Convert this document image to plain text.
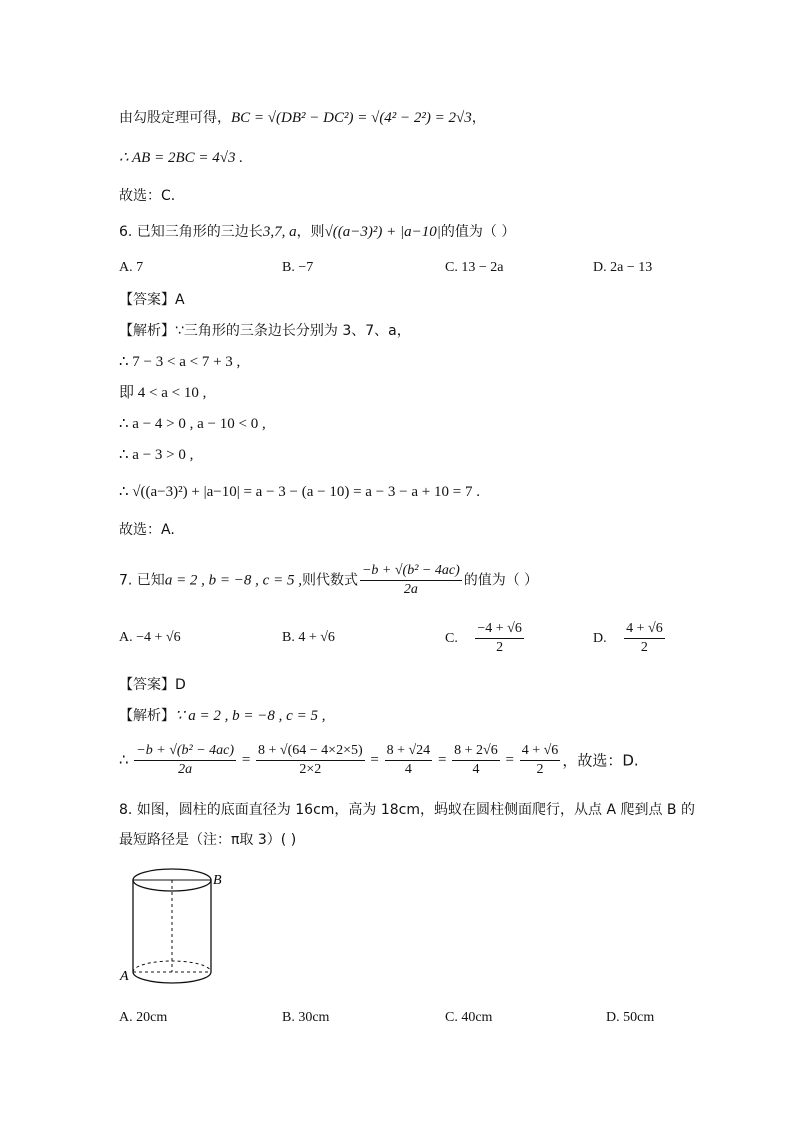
由勾股定理可得，BC = √(DB² − DC²) = √(4² − 2²) = 2√3，
∴ AB = 2BC = 4√3 .
故选：C.
6. 已知三角形的三边长3,7, a，则√((a−3)²) + |a−10|的值为（ ）
A. 7	B. −7	C. 13 − 2a	D. 2a − 13
【答案】A
【解析】∵三角形的三条边长分别为 3、7、a，
∴ 7 − 3 < a < 7 + 3 ,
即 4 < a < 10 ,
∴ a − 4 > 0 , a − 10 < 0 ,
∴ a − 3 > 0 ,
∴ √((a−3)²) + |a−10| = a − 3 − (a − 10) = a − 3 − a + 10 = 7 .
故选：A.
7. 已知a = 2 , b = −8 , c = 5 ,则代数式 $\frac{\text{−b + √(b² − 4ac)}}{2a}$ 的值为（ ）
A. −4 + √6	B. 4 + √6	C. $\frac{-4 + √6}{2}$	D. $\frac{4 + √6}{2}$
【答案】D
【解析】∵ a = 2 , b = −8 , c = 5 ,
∴ $\frac{\text{−b + √(b² − 4ac)}}{2a} = \frac{8 + √(64 - 4\times 2\times 5)}{2\times 2} = \frac{8 + √24}{4} = \frac{8 + 2√6}{4} = \frac{4 + √6}{2}$ ，故选：D.
8. 如图，圆柱的底面直径为 16cm，高为 18cm，蚂蚁在圆柱侧面爬行，从点 A 爬到点 B 的
最短路径是（注：π取 3）( )
B
A
A. 20cm	B. 30cm	C. 40cm	D. 50cm
